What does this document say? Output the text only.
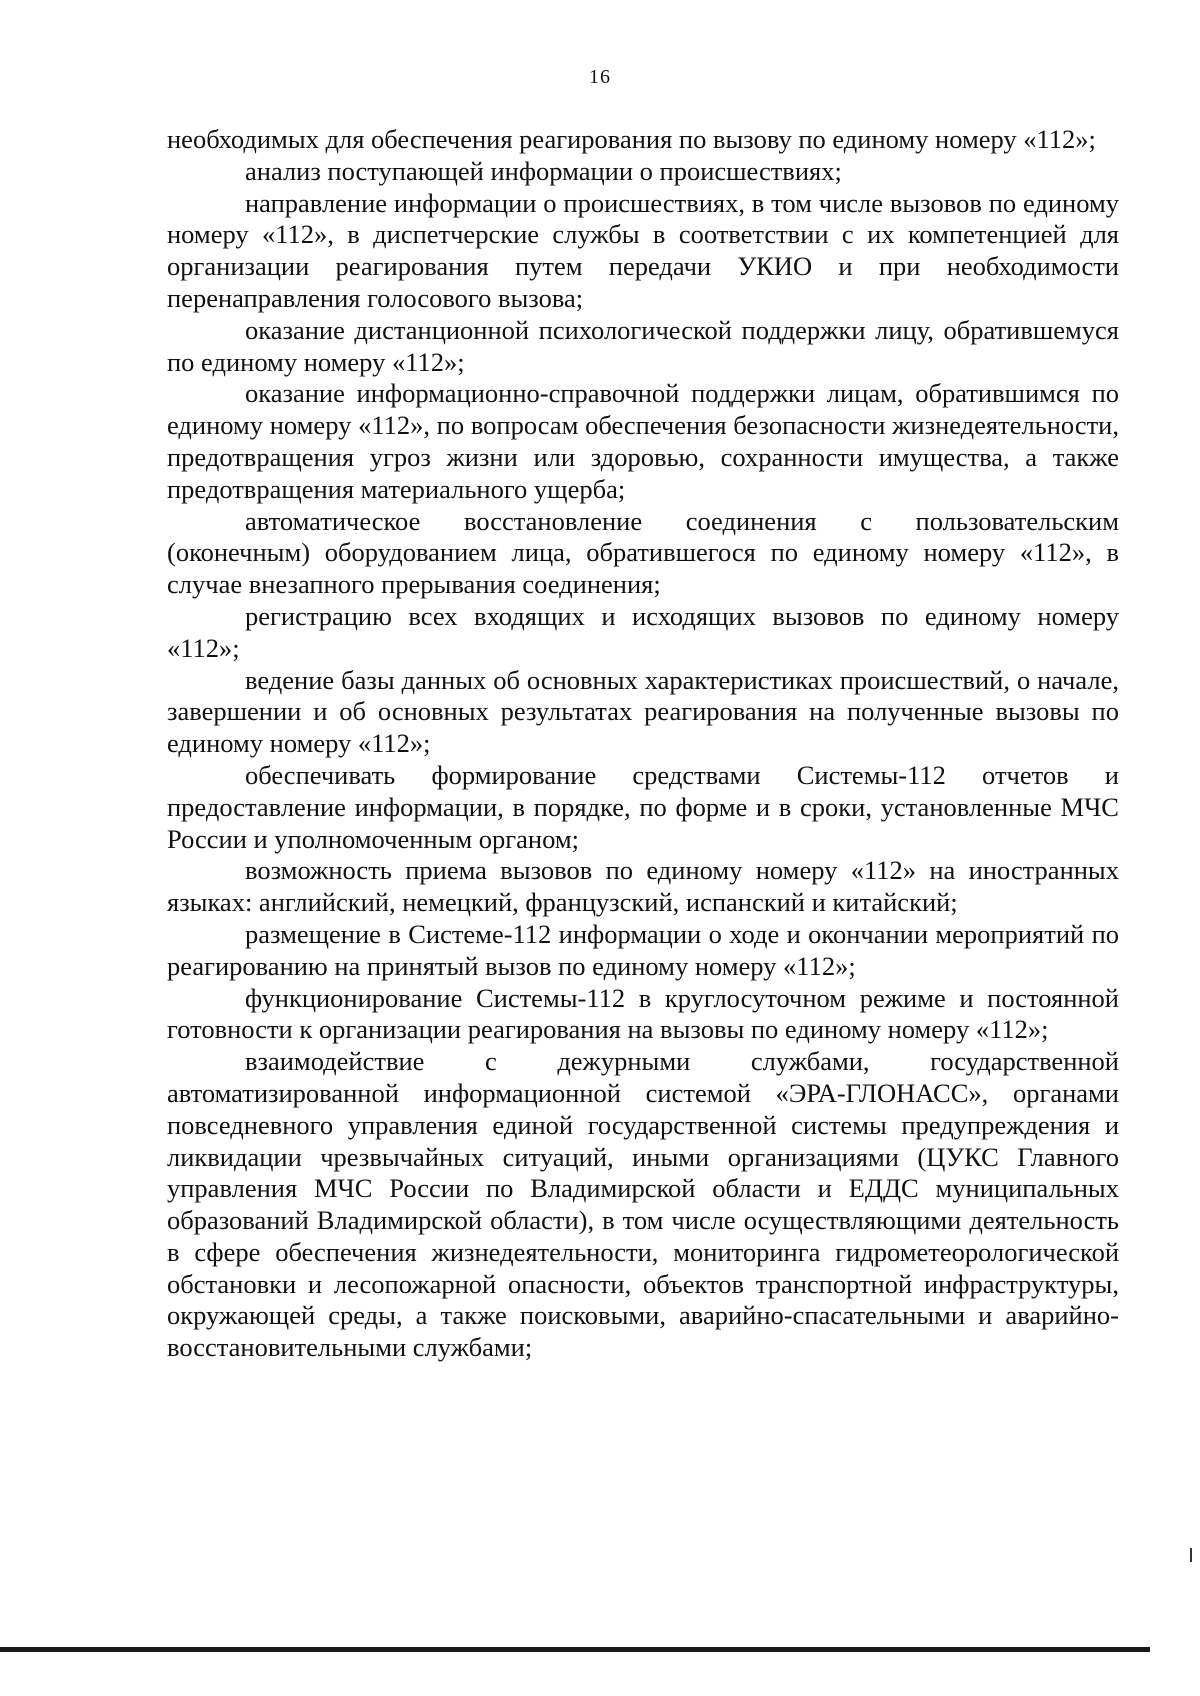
16

необходимых для обеспечения реагирования по вызову по единому номеру «112»;

анализ поступающей информации о происшествиях;

направление информации о происшествиях, в том числе вызовов по единому номеру «112», в диспетчерские службы в соответствии с их компетенцией для организации реагирования путем передачи УКИО и при необходимости перенаправления голосового вызова;

оказание дистанционной психологической поддержки лицу, обратившемуся по единому номеру «112»;

оказание информационно-справочной поддержки лицам, обратившимся по единому номеру «112», по вопросам обеспечения безопасности жизнедеятельности, предотвращения угроз жизни или здоровью, сохранности имущества, а также предотвращения материального ущерба;

автоматическое восстановление соединения с пользовательским (оконечным) оборудованием лица, обратившегося по единому номеру «112», в случае внезапного прерывания соединения;

регистрацию всех входящих и исходящих вызовов по единому номеру «112»;

ведение базы данных об основных характеристиках происшествий, о начале, завершении и об основных результатах реагирования на полученные вызовы по единому номеру «112»;

обеспечивать формирование средствами Системы-112 отчетов и предоставление информации, в порядке, по форме и в сроки, установленные МЧС России и уполномоченным органом;

возможность приема вызовов по единому номеру «112» на иностранных языках: английский, немецкий, французский, испанский и китайский;

размещение в Системе-112 информации о ходе и окончании мероприятий по реагированию на принятый вызов по единому номеру «112»;

функционирование Системы-112 в круглосуточном режиме и постоянной готовности к организации реагирования на вызовы по единому номеру «112»;

взаимодействие с дежурными службами, государственной автоматизированной информационной системой «ЭРА-ГЛОНАСС», органами повседневного управления единой государственной системы предупреждения и ликвидации чрезвычайных ситуаций, иными организациями (ЦУКС Главного управления МЧС России по Владимирской области и ЕДДС муниципальных образований Владимирской области), в том числе осуществляющими деятельность в сфере обеспечения жизнедеятельности, мониторинга гидрометеорологической обстановки и лесопожарной опасности, объектов транспортной инфраструктуры, окружающей среды, а также поисковыми, аварийно-спасательными и аварийно-восстановительными службами;
